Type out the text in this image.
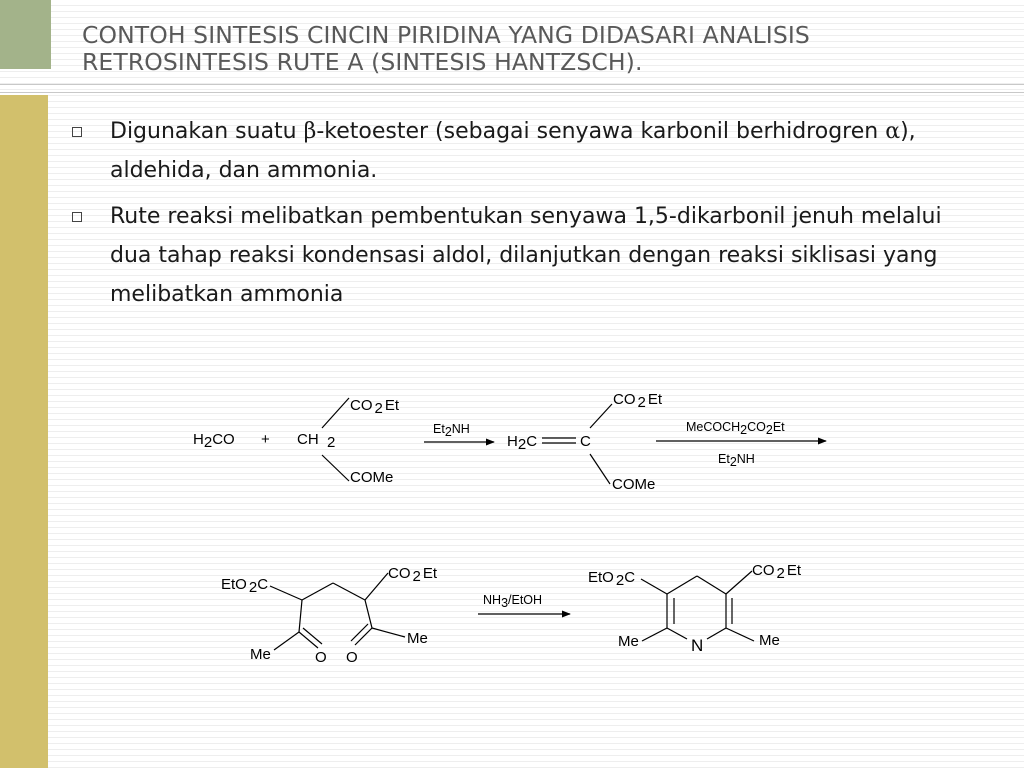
CONTOH SINTESIS CINCIN PIRIDINA YANG DIDASARI ANALISIS
RETROSINTESIS RUTE A (SINTESIS HANTZSCH).
Digunakan suatu β-ketoester (sebagai senyawa karbonil berhidrogren α), aldehida, dan ammonia.
Rute reaksi melibatkan pembentukan senyawa 1,5-dikarbonil jenuh melalui dua tahap reaksi kondensasi aldol, dilanjutkan dengan reaksi siklisasi yang melibatkan ammonia
H2CO + CH 2
CO 2 Et
COMe
Et2NH
H2C	C
CO 2 Et
COMe
MeCOCH2CO2Et
Et2NH
EtO 2C
CO 2 Et
Me	O
Me
O
NH3/EtOH
EtO 2C
N
CO 2 Et
Me	Me
